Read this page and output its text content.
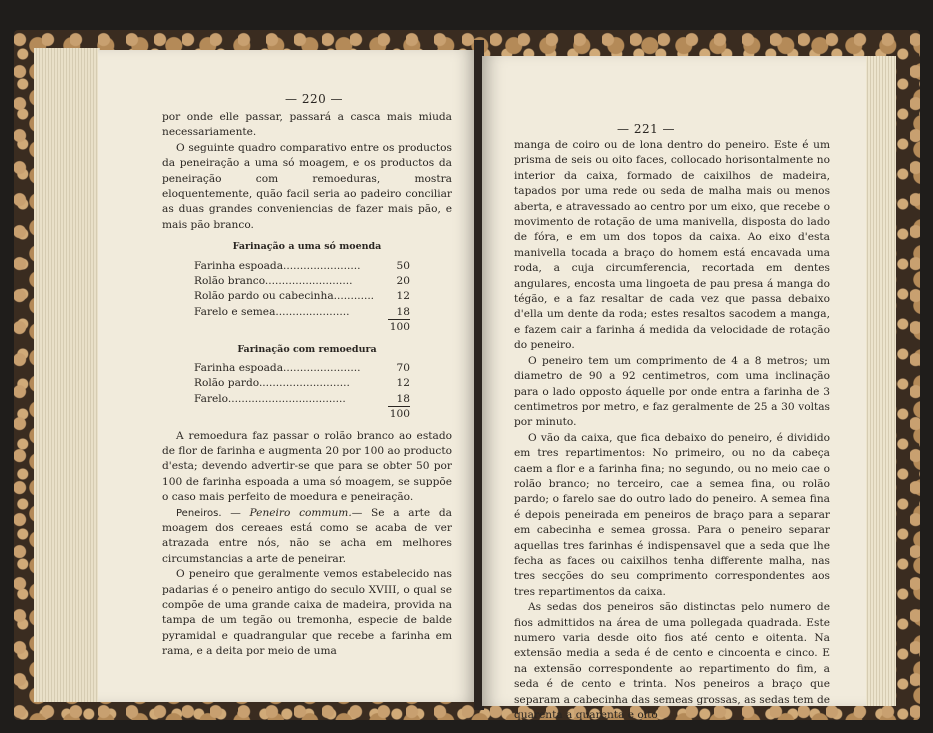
— 220 —

por onde elle passar, passará a casca mais miuda necessariamente.

O seguinte quadro comparativo entre os productos da peneiração a uma só moagem, e os productos da peneiração com remoeduras, mostra eloquentemente, quão facil seria ao padeiro conciliar as duas grandes conveniencias de fazer mais pão, e mais pão branco.

Farinação a uma só moenda
Farinha espoada.......................	50
Rolão branco..........................	20
Rolão pardo ou cabecinha............	12
Farelo e semea......................	18
100
Farinação com remoedura
Farinha espoada.......................	70
Rolão pardo...........................	12
Farelo...................................	18
100

A remoedura faz passar o rolão branco ao estado de flor de farinha e augmenta 20 por 100 ao producto d'esta; devendo advertir-se que para se obter 50 por 100 de farinha espoada a uma só moagem, se suppõe o caso mais perfeito de moedura e peneiração.

Peneiros. — Peneiro commum.— Se a arte da moagem dos cereaes está como se acaba de ver atrazada entre nós, não se acha em melhores circumstancias a arte de peneirar.

O peneiro que geralmente vemos estabelecido nas padarias é o peneiro antigo do seculo XVIII, o qual se compõe de uma grande caixa de madeira, provida na tampa de um tegão ou tremonha, especie de balde pyramidal e quadrangular que recebe a farinha em rama, e a deita por meio de uma

— 221 —

manga de coiro ou de lona dentro do peneiro. Este é um prisma de seis ou oito faces, collocado horisontalmente no interior da caixa, formado de caixilhos de madeira, tapados por uma rede ou seda de malha mais ou menos aberta, e atravessado ao centro por um eixo, que recebe o movimento de rotação de uma manivella, disposta do lado de fóra, e em um dos topos da caixa. Ao eixo d'esta manivella tocada a braço do homem está encavada uma roda, a cuja circumferencia, recortada em dentes angulares, encosta uma lingoeta de pau presa á manga do tégão, e a faz resaltar de cada vez que passa debaixo d'ella um dente da roda; estes resaltos sacodem a manga, e fazem cair a farinha á medida da velocidade de rotação do peneiro.

O peneiro tem um comprimento de 4 a 8 metros; um diametro de 90 a 92 centimetros, com uma inclinação para o lado opposto áquelle por onde entra a farinha de 3 centimetros por metro, e faz geralmente de 25 a 30 voltas por minuto.

O vão da caixa, que fica debaixo do peneiro, é dividido em tres repartimentos: No primeiro, ou no da cabeça caem a flor e a farinha fina; no segundo, ou no meio cae o rolão branco; no terceiro, cae a semea fina, ou rolão pardo; o farelo sae do outro lado do peneiro. A semea fina é depois peneirada em peneiros de braço para a separar em cabecinha e semea grossa. Para o peneiro separar aquellas tres farinhas é indispensavel que a seda que lhe fecha as faces ou caixilhos tenha differente malha, nas tres secções do seu comprimento correspondentes aos tres repartimentos da caixa.

As sedas dos peneiros são distinctas pelo numero de fios admittidos na área de uma pollegada quadrada. Este numero varia desde oito fios até cento e oitenta. Na extensão media a seda é de cento e cincoenta e cinco. E na extensão correspondente ao repartimento do fim, a seda é de cento e trinta. Nos peneiros a braço que separam a cabecinha das semeas grossas, as sedas tem de quarenta a quarenta e oito
